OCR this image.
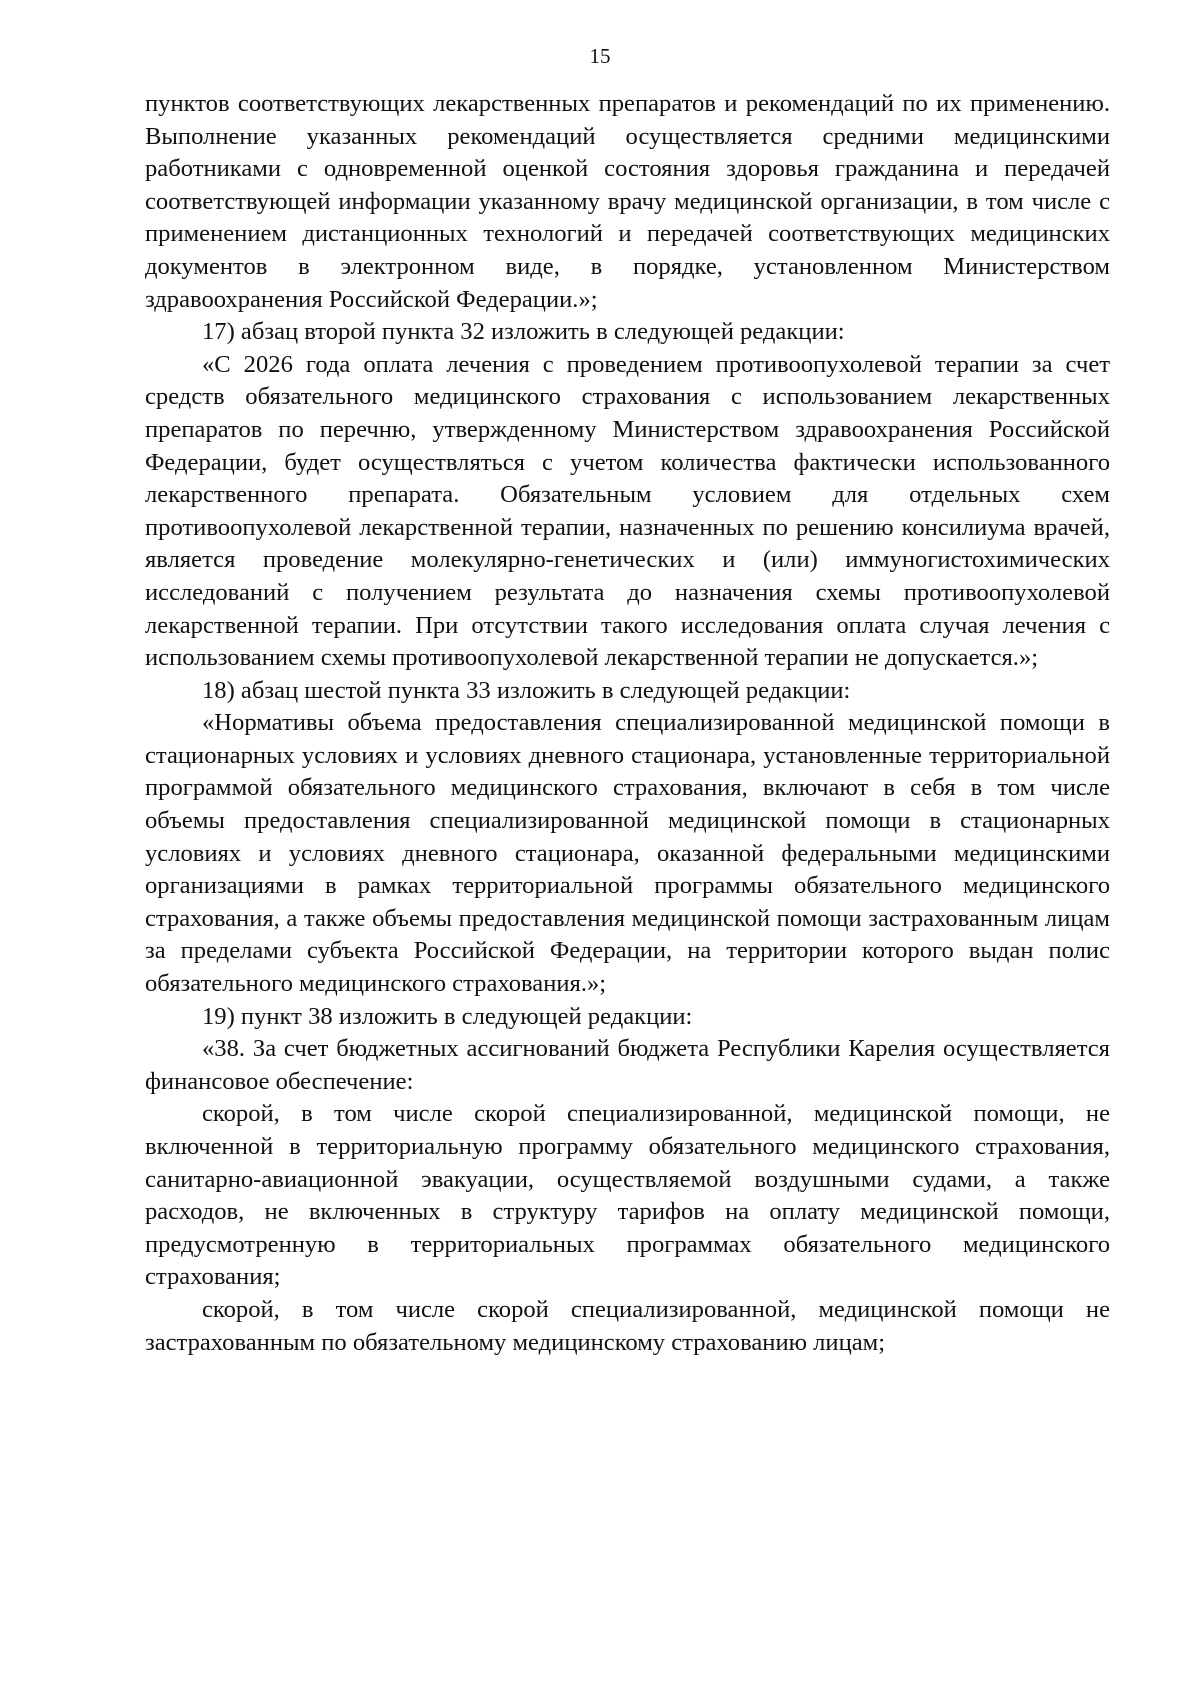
15

пунктов соответствующих лекарственных препаратов и рекомендаций по их применению. Выполнение указанных рекомендаций осуществляется средними медицинскими работниками с одновременной оценкой состояния здоровья гражданина и передачей соответствующей информации указанному врачу медицинской организации, в том числе с применением дистанционных технологий и передачей соответствующих медицинских документов в электронном виде, в порядке, установленном Министерством здравоохранения Российской Федерации.»;

17) абзац второй пункта 32 изложить в следующей редакции:

«С 2026 года оплата лечения с проведением противоопухолевой терапии за счет средств обязательного медицинского страхования с использованием лекарственных препаратов по перечню, утвержденному Министерством здравоохранения Российской Федерации, будет осуществляться с учетом количества фактически использованного лекарственного препарата. Обязательным условием для отдельных схем противоопухолевой лекарственной терапии, назначенных по решению консилиума врачей, является проведение молекулярно-генетических и (или) иммуногистохимических исследований с получением результата до назначения схемы противоопухолевой лекарственной терапии. При отсутствии такого исследования оплата случая лечения с использованием схемы противоопухолевой лекарственной терапии не допускается.»;

18) абзац шестой пункта 33 изложить в следующей редакции:

«Нормативы объема предоставления специализированной медицинской помощи в стационарных условиях и условиях дневного стационара, установленные территориальной программой обязательного медицинского страхования, включают в себя в том числе объемы предоставления специализированной медицинской помощи в стационарных условиях и условиях дневного стационара, оказанной федеральными медицинскими организациями в рамках территориальной программы обязательного медицинского страхования, а также объемы предоставления медицинской помощи застрахованным лицам за пределами субъекта Российской Федерации, на территории которого выдан полис обязательного медицинского страхования.»;

19) пункт 38 изложить в следующей редакции:

«38. За счет бюджетных ассигнований бюджета Республики Карелия осуществляется финансовое обеспечение:

скорой, в том числе скорой специализированной, медицинской помощи, не включенной в территориальную программу обязательного медицинского страхования, санитарно-авиационной эвакуации, осуществляемой воздушными судами, а также расходов, не включенных в структуру тарифов на оплату медицинской помощи, предусмотренную в территориальных программах обязательного медицинского страхования;

скорой, в том числе скорой специализированной, медицинской помощи не застрахованным по обязательному медицинскому страхованию лицам;
